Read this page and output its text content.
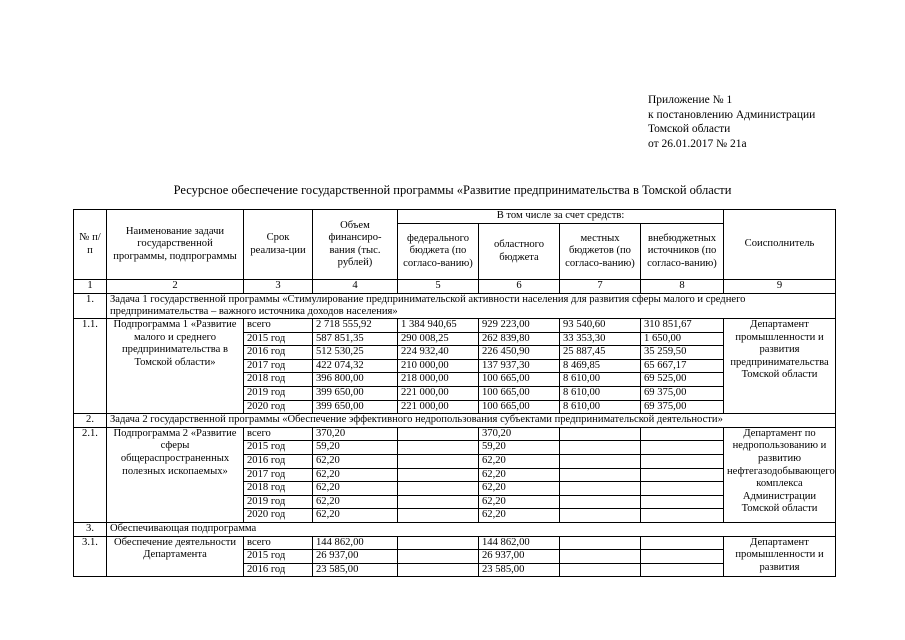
Приложение № 1
к постановлению Администрации
Томской области
от 26.01.2017 № 21а
Ресурсное обеспечение государственной программы «Развитие предпринимательства в Томской области
№ п/п	Наименование задачи государственной программы, подпрограммы	Срок реализа-ции	Объем финансиро-вания (тыс. рублей)	В том числе за счет средств:				Соисполнитель
				федерального бюджета (по согласо-ванию)	областного бюджета	местных бюджетов (по согласо-ванию)	внебюджетных источников (по согласо-ванию)	
1	2	3	4	5	6	7	8	9
1.	Задача 1 государственной программы «Стимулирование предпринимательской активности населения для развития сферы малого и среднего предпринимательства – важного источника доходов населения»							
1.1.	Подпрограмма 1 «Развитие малого и среднего предпринимательства в Томской области»	всего	2 718 555,92	1 384 940,65	929 223,00	93 540,60	310 851,67	Департамент промышленности и развития предпринимательства Томской области
		2015 год	587 851,35	290 008,25	262 839,80	33 353,30	1 650,00	
		2016 год	512 530,25	224 932,40	226 450,90	25 887,45	35 259,50	
		2017 год	422 074,32	210 000,00	137 937,30	8 469,85	65 667,17	
		2018 год	396 800,00	218 000,00	100 665,00	8 610,00	69 525,00	
		2019 год	399 650,00	221 000,00	100 665,00	8 610,00	69 375,00	
		2020 год	399 650,00	221 000,00	100 665,00	8 610,00	69 375,00	
2.	Задача 2 государственной программы «Обеспечение эффективного недропользования субъектами предпринимательской деятельности»							
2.1.	Подпрограмма 2 «Развитие сферы общераспространенных полезных ископаемых»	всего	370,20		370,20			Департамент по недропользованию и развитию нефтегазодобывающего комплекса Администрации Томской области
		2015 год	59,20		59,20			
		2016 год	62,20		62,20			
		2017 год	62,20		62,20			
		2018 год	62,20		62,20			
		2019 год	62,20		62,20			
		2020 год	62,20		62,20			
3.	Обеспечивающая подпрограмма							
3.1.	Обеспечение деятельности Департамента	всего	144 862,00		144 862,00			Департамент промышленности и развития
		2015 год	26 937,00		26 937,00			
		2016 год	23 585,00		23 585,00			
